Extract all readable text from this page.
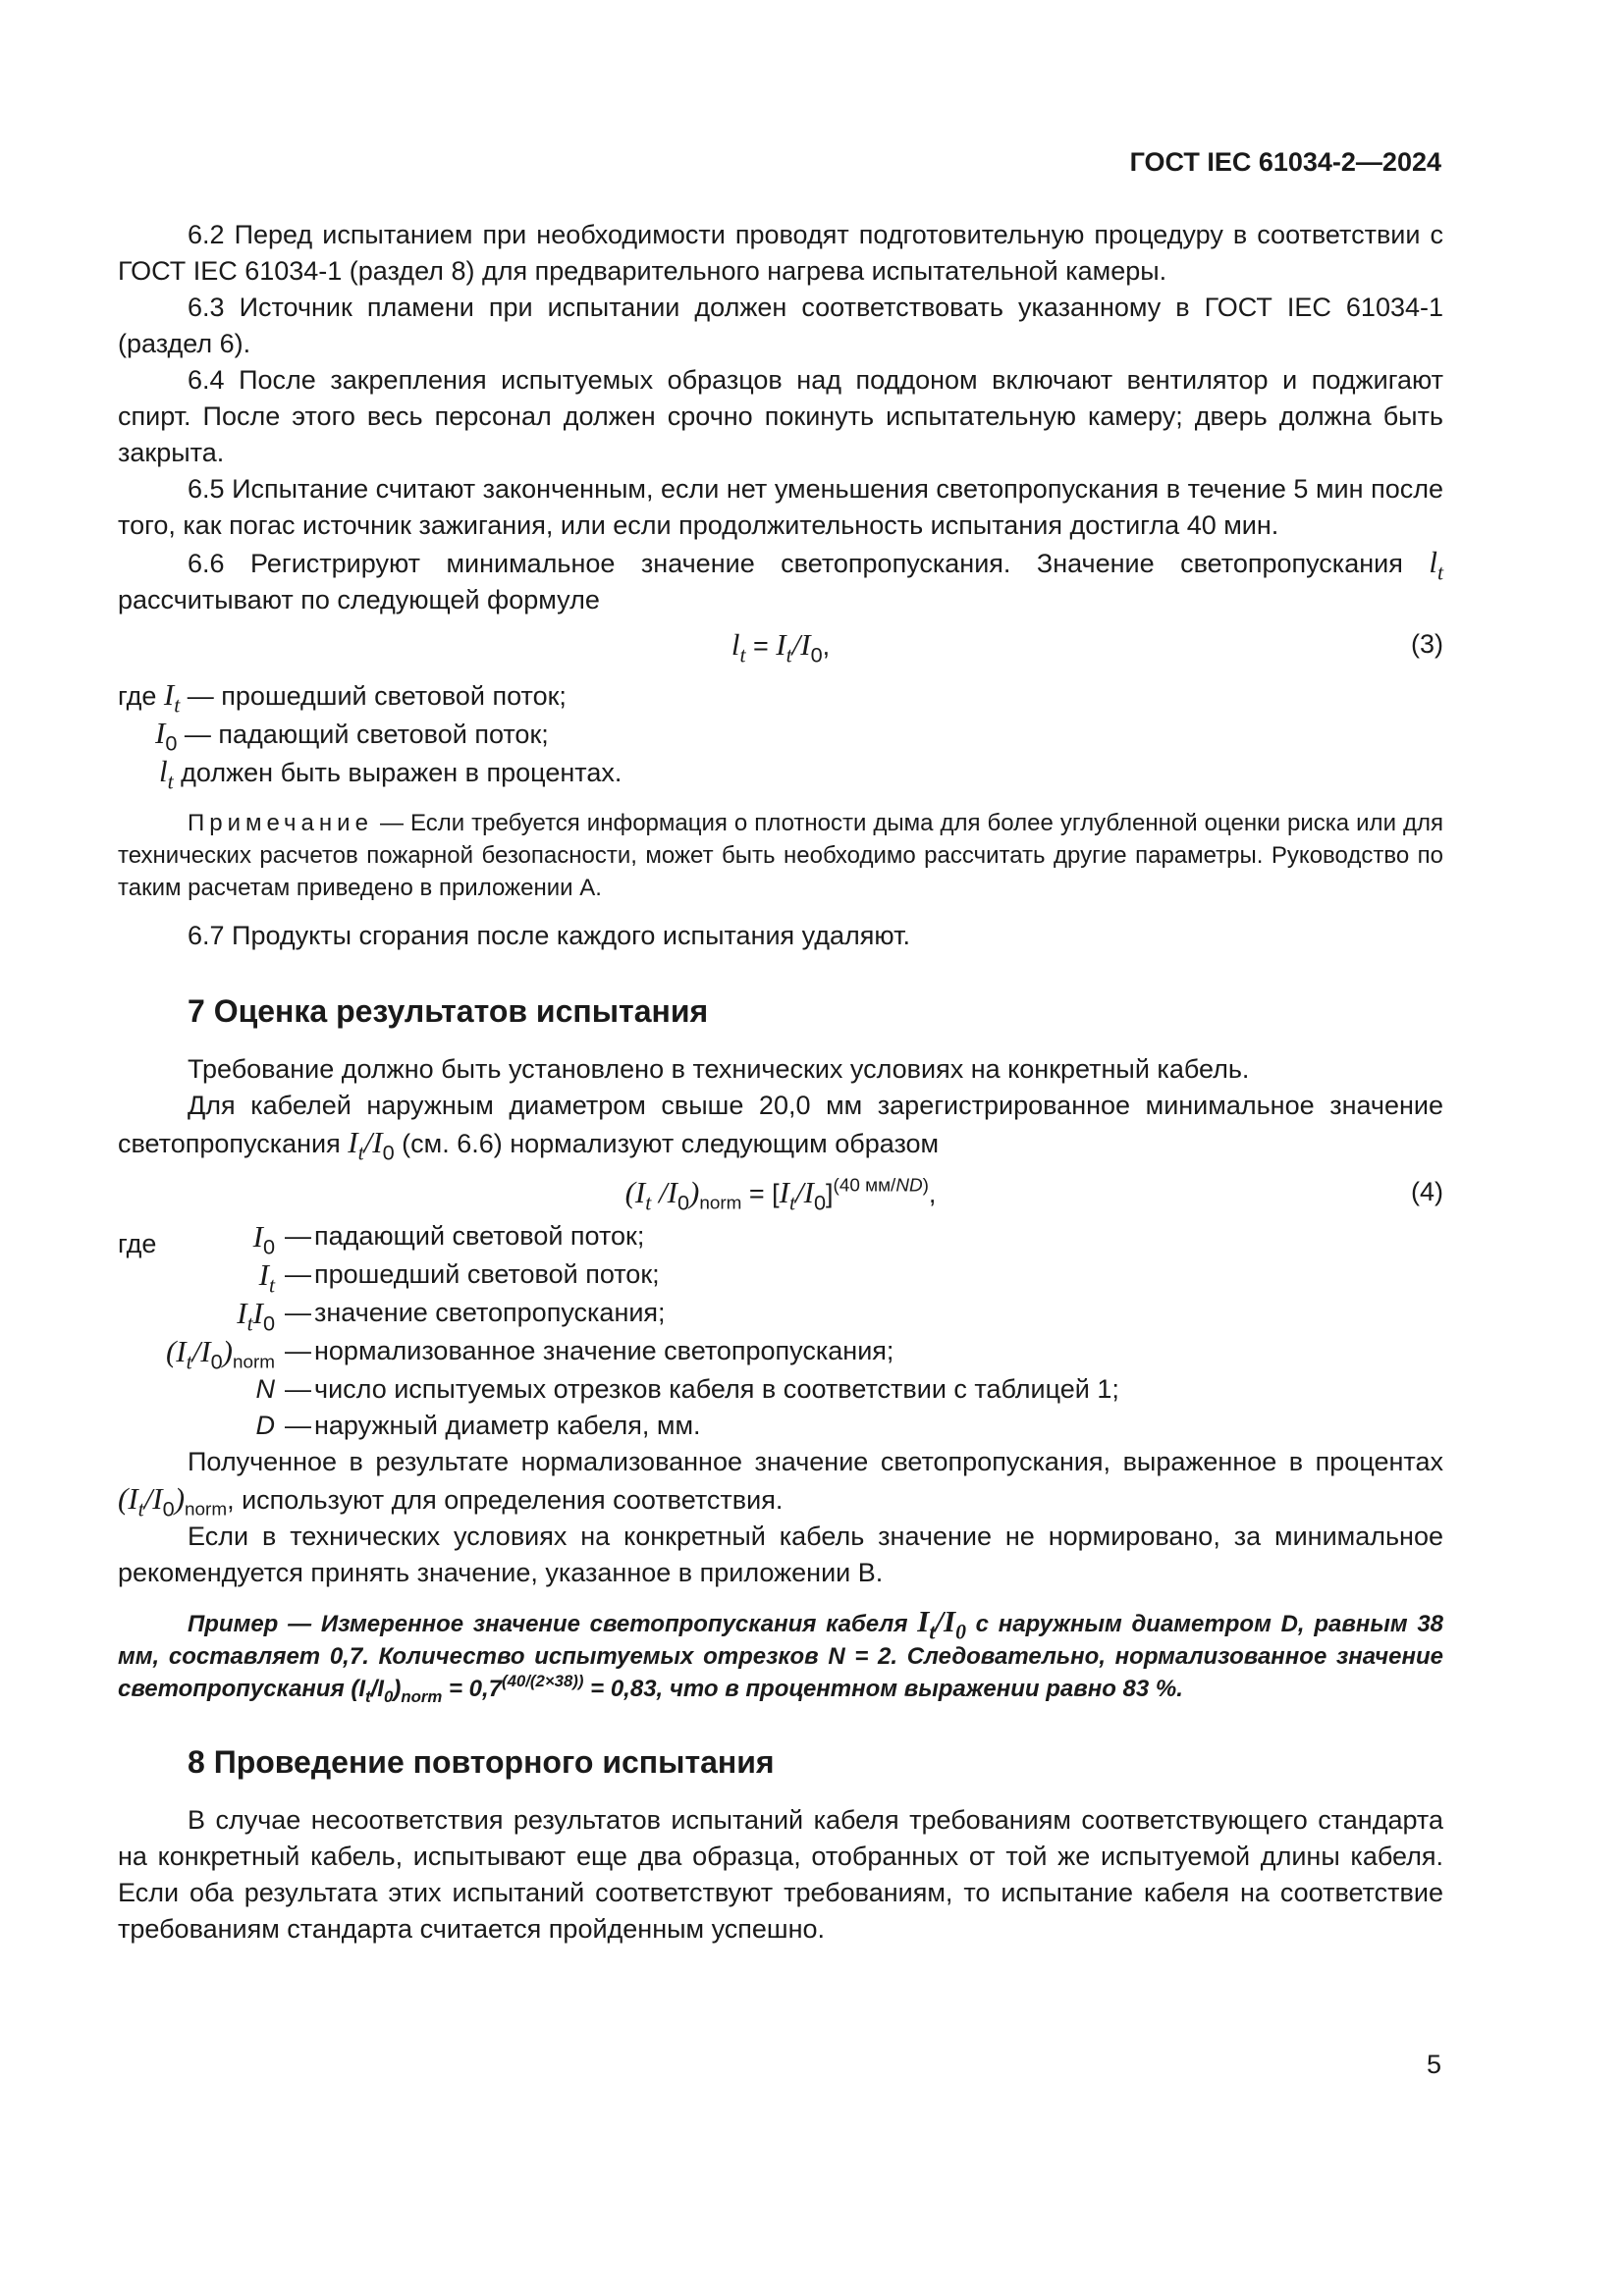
ГОСТ IEC 61034-2—2024

6.2 Перед испытанием при необходимости проводят подготовительную процедуру в соответствии с ГОСТ IEC 61034-1 (раздел 8) для предварительного нагрева испытательной камеры.

6.3 Источник пламени при испытании должен соответствовать указанному в ГОСТ IEC 61034-1 (раздел 6).

6.4 После закрепления испытуемых образцов над поддоном включают вентилятор и поджигают спирт. После этого весь персонал должен срочно покинуть испытательную камеру; дверь должна быть закрыта.

6.5 Испытание считают законченным, если нет уменьшения светопропускания в течение 5 мин после того, как погас источник зажигания, или если продолжительность испытания достигла 40 мин.

6.6 Регистрируют минимальное значение светопропускания. Значение светопропускания $l_t$ рассчитывают по следующей формуле

$l_t = I_t/I_0$,	(3)
где $I_t$ — прошедший световой поток;
$I_0$ — падающий световой поток;
$l_t$ должен быть выражен в процентах.

Примечание — Если требуется информация о плотности дыма для более углубленной оценки риска или для технических расчетов пожарной безопасности, может быть необходимо рассчитать другие параметры. Руководство по таким расчетам приведено в приложении А.

6.7 Продукты сгорания после каждого испытания удаляют.

7 Оценка результатов испытания

Требование должно быть установлено в технических условиях на конкретный кабель.

Для кабелей наружным диаметром свыше 20,0 мм зарегистрированное минимальное значение светопропускания $I_t/I_0$ (см. 6.6) нормализуют следующим образом

($I_t$ $/I_0)_{norm} = [I_t/I_0]^{(40 мм/ND)}$,	(4)
где	$I_0$ — падающий световой поток;
$I_t$ — прошедший световой поток;
$I_tI_0$ — значение светопропускания;
$(I_t/I_0)_{norm}$ — нормализованное значение светопропускания;
N — число испытуемых отрезков кабеля в соответствии с таблицей 1;
D — наружный диаметр кабеля, мм.

Полученное в результате нормализованное значение светопропускания, выраженное в процентах $(I_t/I_0)_{norm}$, используют для определения соответствия.

Если в технических условиях на конкретный кабель значение не нормировано, за минимальное рекомендуется принять значение, указанное в приложении В.

Пример — Измеренное значение светопропускания кабеля $I_t/I_0$ с наружным диаметром D, равным 38 мм, составляет 0,7. Количество испытуемых отрезков N = 2. Следовательно, нормализованное значение светопропускания $(I_t/I_0)_{norm} = 0,7^{(40/(2\times 38))} = 0,83$, что в процентном выражении равно 83 %.

8 Проведение повторного испытания

В случае несоответствия результатов испытаний кабеля требованиям соответствующего стандарта на конкретный кабель, испытывают еще два образца, отобранных от той же испытуемой длины кабеля. Если оба результата этих испытаний соответствуют требованиям, то испытание кабеля на соответствие требованиям стандарта считается пройденным успешно.

5
